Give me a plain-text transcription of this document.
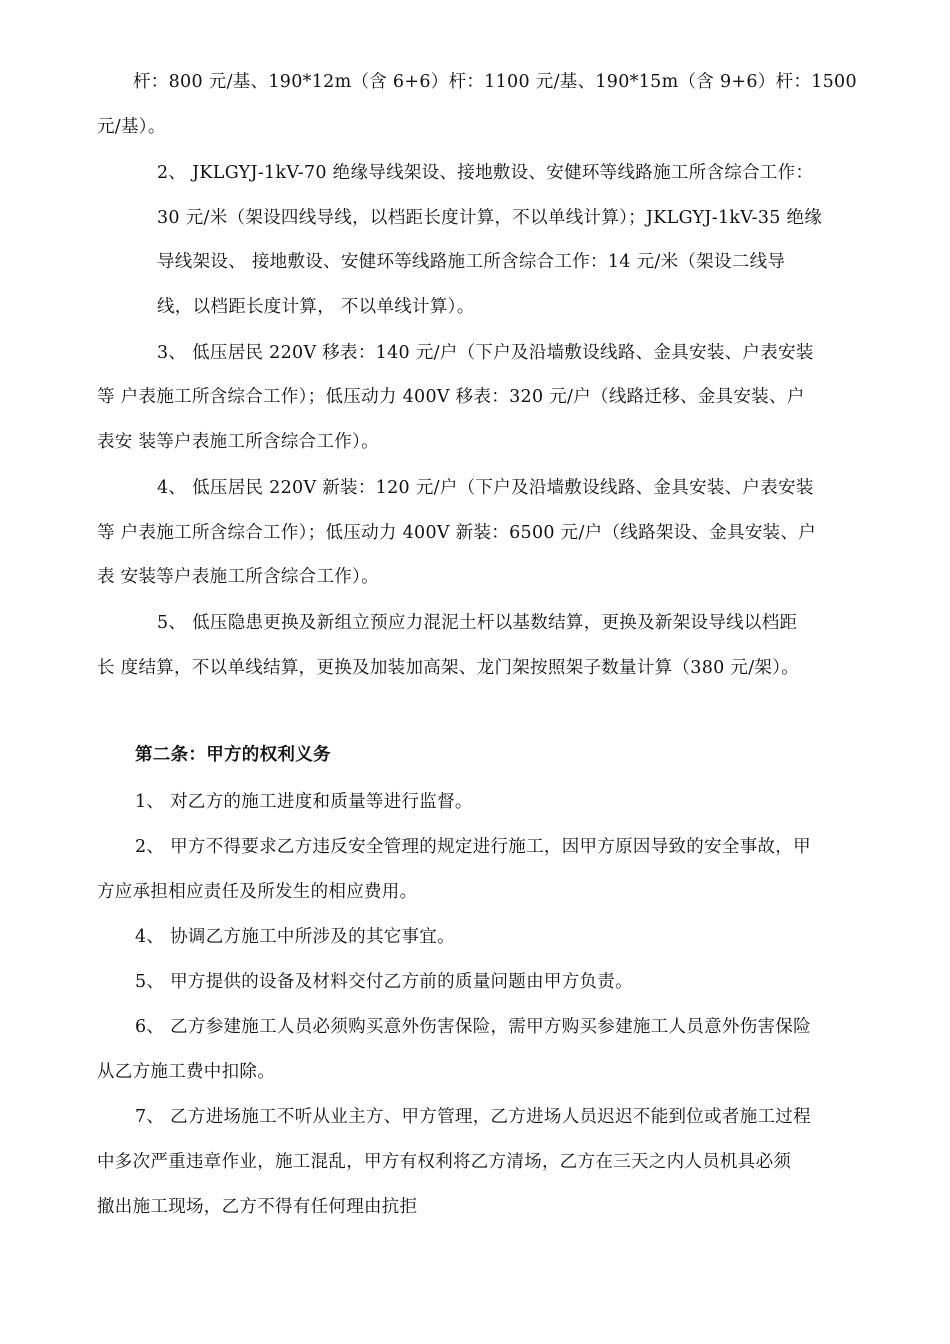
杆：800 元/基、190*12m（含 6+6）杆：1100 元/基、190*15m（含 9+6）杆：1500
元/基）。
2、 JKLGYJ-1kV-70 绝缘导线架设、接地敷设、安健环等线路施工所含综合工作：
30 元/米（架设四线导线，以档距长度计算，不以单线计算）；JKLGYJ-1kV-35 绝缘
导线架设、 接地敷设、安健环等线路施工所含综合工作：14 元/米（架设二线导
线，以档距长度计算， 不以单线计算）。
3、 低压居民 220V 移表：140 元/户（下户及沿墙敷设线路、金具安装、户表安装
等 户表施工所含综合工作）；低压动力 400V 移表：320 元/户（线路迁移、金具安装、户
表安 装等户表施工所含综合工作）。
4、 低压居民 220V 新装：120 元/户（下户及沿墙敷设线路、金具安装、户表安装
等 户表施工所含综合工作）；低压动力 400V 新装：6500 元/户（线路架设、金具安装、户
表 安装等户表施工所含综合工作）。
5、 低压隐患更换及新组立预应力混泥土杆以基数结算，更换及新架设导线以档距
长 度结算，不以单线结算，更换及加装加高架、龙门架按照架子数量计算（380 元/架）。
第二条：甲方的权利义务
1、 对乙方的施工进度和质量等进行监督。
2、 甲方不得要求乙方违反安全管理的规定进行施工，因甲方原因导致的安全事故，甲
方应承担相应责任及所发生的相应费用。
4、 协调乙方施工中所涉及的其它事宜。
5、 甲方提供的设备及材料交付乙方前的质量问题由甲方负责。
6、 乙方参建施工人员必须购买意外伤害保险，需甲方购买参建施工人员意外伤害保险
从乙方施工费中扣除。
7、 乙方进场施工不听从业主方、甲方管理，乙方进场人员迟迟不能到位或者施工过程
中多次严重违章作业，施工混乱，甲方有权利将乙方清场，乙方在三天之内人员机具必须
撤出施工现场，乙方不得有任何理由抗拒
